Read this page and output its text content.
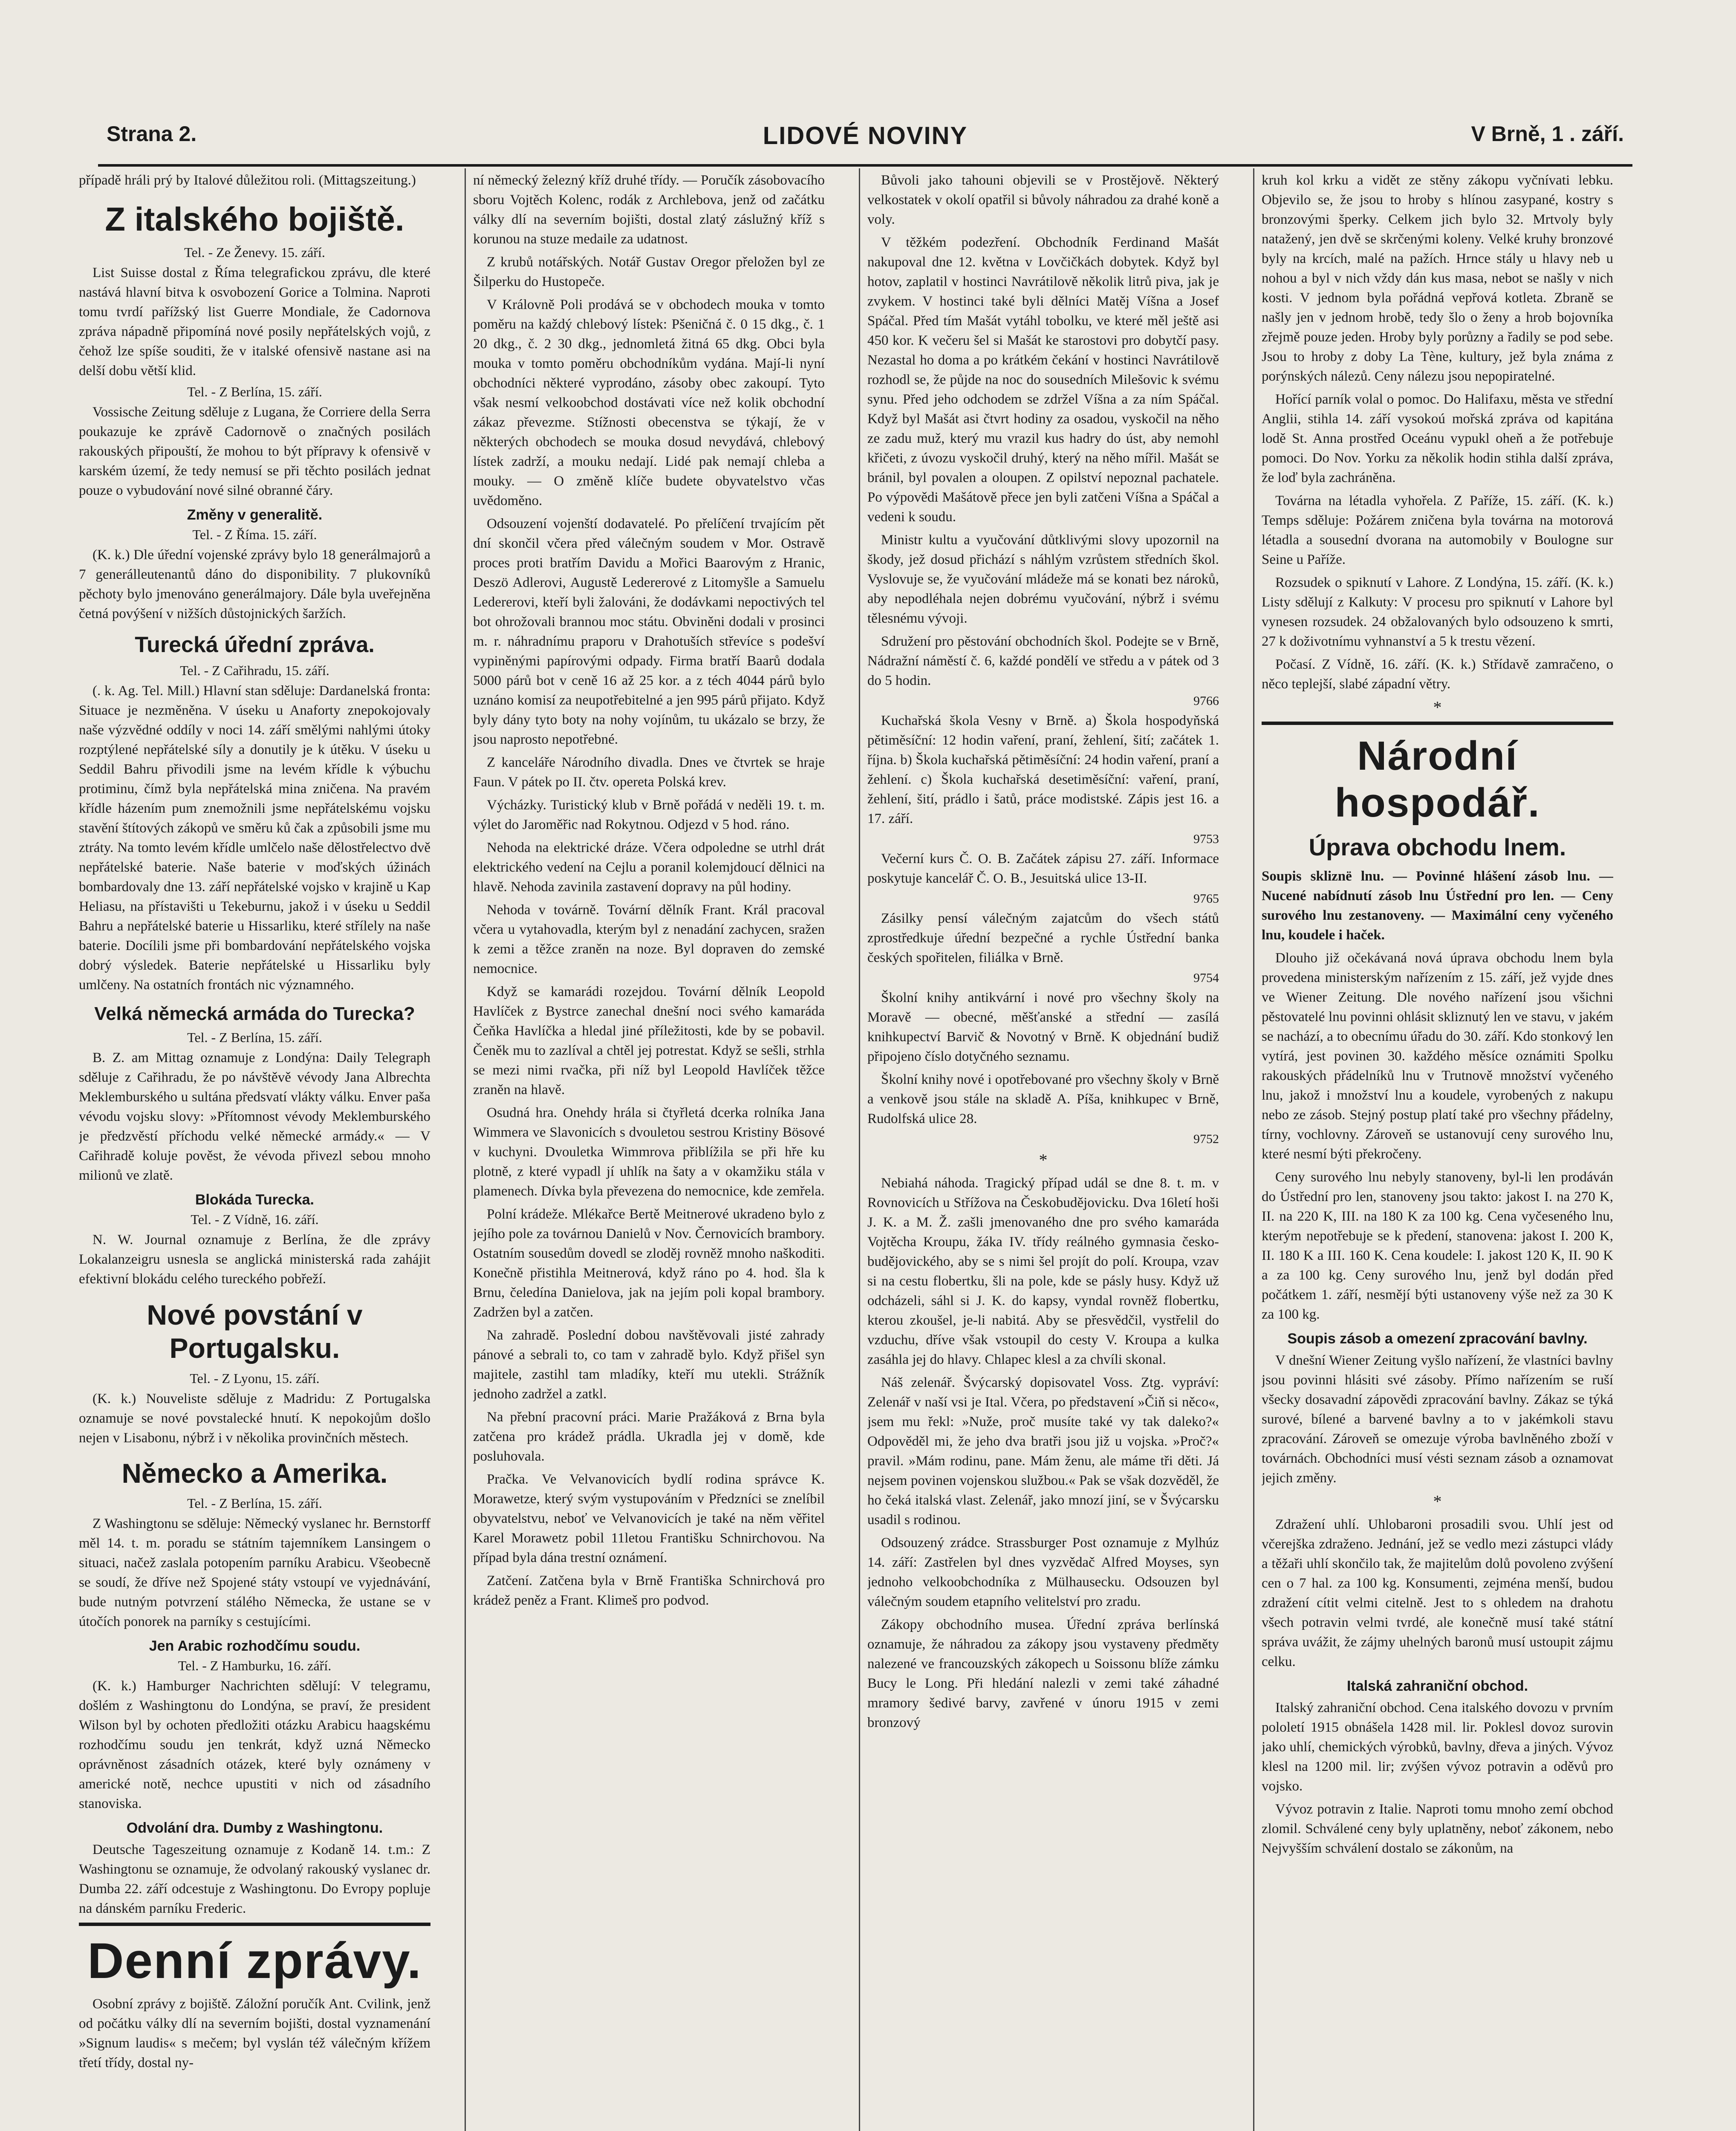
Strana 2.	LIDOVÉ NOVINY	V Brně, 1 . září.

případě hráli prý by Italové důležitou roli. (Mittagszeitung.)

Z italského bojiště.
Tel. - Ze Ženevy. 15. září.

List Suisse dostal z Říma telegrafickou zprávu, dle které nastává hlavní bitva k osvobození Gorice a Tolmina. Naproti tomu tvrdí pařížský list Guerre Mondiale, že Cadornova zpráva nápadně připomíná nové posily nepřátelských vojů, z čehož lze spíše souditi, že v italské ofensivě nastane asi na delší dobu větší klid.

Tel. - Z Berlína, 15. září.

Vossische Zeitung sděluje z Lugana, že Corriere della Serra poukazuje ke zprávě Cadornově o značných posilách rakouských připouští, že mohou to být přípravy k ofensivě v karském území, že tedy nemusí se při těchto posilách jednat pouze o vybudování nové silné obranné čáry.

Změny v generalitě.
Tel. - Z Říma. 15. září.

(K. k.) Dle úřední vojenské zprávy bylo 18 generálmajorů a 7 generálleutenantů dáno do disponibility. 7 plukovníků pěchoty bylo jmenováno generálmajory. Dále byla uveřejněna četná povýšení v nižších důstojnických šaržích.

Turecká úřední zpráva.
Tel. - Z Cařihradu, 15. září.

(. k. Ag. Tel. Mill.) Hlavní stan sděluje: Dardanelská fronta: Situace je nezměněna. V úseku u Anaforty znepokojovaly naše výzvědné oddíly v noci 14. září smělými nahlými útoky rozptýlené nepřátelské síly a donutily je k útěku. V úseku u Seddil Bahru přivodili jsme na levém křídle k výbuchu protiminu, čímž byla nepřátelská mina zničena. Na pravém křídle házením pum znemožnili jsme nepřátelskému vojsku stavění štítových zákopů ve směru ků čak a způsobili jsme mu ztráty. Na tomto levém křídle umlčelo naše dělostřelectvo dvě nepřátelské baterie. Naše baterie v moďských úžinách bombardovaly dne 13. září nepřátelské vojsko v krajině u Kap Heliasu, na přístavišti u Tekeburnu, jakož i v úseku u Seddil Bahru a nepřátelské baterie u Hissarliku, které střílely na naše baterie. Docílili jsme při bombardování nepřátelského vojska dobrý výsledek. Baterie nepřátelské u Hissarliku byly umlčeny. Na ostatních frontách nic významného.

Velká německá armáda do Turecka?
Tel. - Z Berlína, 15. září.

B. Z. am Mittag oznamuje z Londýna: Daily Telegraph sděluje z Cařihradu, že po návštěvě vévody Jana Albrechta Meklemburského u sultána předsvatí vlákty válku. Enver paša vévodu vojsku slovy: »Přítomnost vévody Meklemburského je předzvěstí příchodu velké německé armády.« — V Cařihradě koluje pověst, že vévoda přivezl sebou mnoho milionů ve zlatě.

Blokáda Turecka.
Tel. - Z Vídně, 16. září.

N. W. Journal oznamuje z Berlína, že dle zprávy Lokalanzeigru usnesla se anglická ministerská rada zahájit efektivní blokádu celého tureckého pobřeží.

Nové povstání v Portugalsku.
Tel. - Z Lyonu, 15. září.

(K. k.) Nouveliste sděluje z Madridu: Z Portugalska oznamuje se nové povstalecké hnutí. K nepokojům došlo nejen v Lisabonu, nýbrž i v několika provinčních městech.

Německo a Amerika.
Tel. - Z Berlína, 15. září.

Z Washingtonu se sděluje: Německý vyslanec hr. Bernstorff měl 14. t. m. poradu se státním tajemníkem Lansingem o situaci, načež zaslala potopením parníku Arabicu. Všeobecně se soudí, že dříve než Spojené státy vstoupí ve vyjednávání, bude nutným potvrzení stálého Německa, že ustane se v útočích ponorek na parníky s cestujícími.

Jen Arabic rozhodčímu soudu.
Tel. - Z Hamburku, 16. září.

(K. k.) Hamburger Nachrichten sdělují: V telegramu, došlém z Washingtonu do Londýna, se praví, že president Wilson byl by ochoten předložiti otázku Arabicu haagskému rozhodčímu soudu jen tenkrát, když uzná Německo oprávněnost zásadních otázek, které byly oznámeny v americké notě, nechce upustiti v nich od zásadního stanoviska.

Odvolání dra. Dumby z Washingtonu.

Deutsche Tageszeitung oznamuje z Kodaně 14. t.m.: Z Washingtonu se oznamuje, že odvolaný rakouský vyslanec dr. Dumba 22. září odcestuje z Washingtonu. Do Evropy popluje na dánském parníku Frederic.

Denní zprávy.

Osobní zprávy z bojiště. Záložní poručík Ant. Cvilink, jenž od počátku války dlí na severním bojišti, dostal vyznamenání »Signum laudis« s mečem; byl vyslán též válečným křížem třetí třídy, dostal ny-

ní německý železný kříž druhé třídy. — Poručík zásobovacího sboru Vojtěch Kolenc, rodák z Archlebova, jenž od začátku války dlí na severním bojišti, dostal zlatý záslužný kříž s korunou na stuze medaile za udatnost.

Z krubů notářských. Notář Gustav Oregor přeložen byl ze Šilperku do Hustopeče.

V Královně Poli prodává se v obchodech mouka v tomto poměru na každý chlebový lístek: Pšeničná č. 0 15 dkg., č. 1 20 dkg., č. 2 30 dkg., jednomletá žitná 65 dkg. Obci byla mouka v tomto poměru obchodníkům vydána. Mají-li nyní obchodníci některé vyprodáno, zásoby obec zakoupí. Tyto však nesmí velkoobchod dostávati více než kolik obchodní zákaz převezme. Stížnosti obecenstva se týkají, že v některých obchodech se mouka dosud nevydává, chlebový lístek zadrží, a mouku nedají. Lidé pak nemají chleba a mouky. — O změně klíče budete obyvatelstvo včas uvědoměno.

Odsouzení vojenští dodavatelé. Po přelíčení trvajícím pět dní skončil včera před válečným soudem v Mor. Ostravě proces proti bratřím Davidu a Mořici Baarovým z Hranic, Deszö Adlerovi, Augustě Ledererové z Litomyšle a Samuelu Ledererovi, kteří byli žalováni, že dodávkami nepoctivých tel bot ohrožovali brannou moc státu. Obviněni dodali v prosinci m. r. náhradnímu praporu v Drahotuších střevíce s podešví vypiněnými papírovými odpady. Firma bratří Baarů dodala 5000 párů bot v ceně 16 až 25 kor. a z téch 4044 párů bylo uznáno komisí za neupotřebitelné a jen 995 párů přijato. Když byly dány tyto boty na nohy vojínům, tu ukázalo se brzy, že jsou naprosto nepotřebné.

Z kanceláře Národního divadla. Dnes ve čtvrtek se hraje Faun. V pátek po II. čtv. opereta Polská krev.

Výcházky. Turistický klub v Brně pořádá v neděli 19. t. m. výlet do Jaroměřic nad Rokytnou. Odjezd v 5 hod. ráno.

Nehoda na elektrické dráze. Včera odpoledne se utrhl drát elektrického vedení na Cejlu a poranil kolemjdoucí dělnici na hlavě. Nehoda zavinila zastavení dopravy na půl hodiny.

Nehoda v továrně. Tovární dělník Frant. Král pracoval včera u vytahovadla, kterým byl z nenadání zachycen, sražen k zemi a těžce zraněn na noze. Byl dopraven do zemské nemocnice.

Když se kamarádi rozejdou. Tovární dělník Leopold Havlíček z Bystrce zanechal dnešní noci svého kamaráda Čeňka Havlíčka a hledal jiné příležitosti, kde by se pobavil. Čeněk mu to zazlíval a chtěl jej potrestat. Když se sešli, strhla se mezi nimi rvačka, při níž byl Leopold Havlíček těžce zraněn na hlavě.

Osudná hra. Onehdy hrála si čtyřletá dcerka rolníka Jana Wimmera ve Slavonicích s dvouletou sestrou Kristiny Bösové v kuchyni. Dvouletka Wimmrova přiblížila se při hře ku plotně, z které vypadl jí uhlík na šaty a v okamžiku stála v plamenech. Dívka byla převezena do nemocnice, kde zemřela.

Polní krádeže. Mlékařce Bertě Meitnerové ukradeno bylo z jejího pole za továrnou Danielů v Nov. Černovicích brambory. Ostatním sousedům dovedl se zloděj rovněž mnoho naškoditi. Konečně přistihla Meitnerová, když ráno po 4. hod. šla k Brnu, čeledína Danielova, jak na jejím poli kopal brambory. Zadržen byl a zatčen.

Na zahradě. Poslední dobou navštěvovali jisté zahrady pánové a sebrali to, co tam v zahradě bylo. Když přišel syn majitele, zastihl tam mladíky, kteří mu utekli. Strážník jednoho zadržel a zatkl.

Na přební pracovní práci. Marie Pražáková z Brna byla zatčena pro krádež prádla. Ukradla jej v domě, kde posluhovala.

Pračka. Ve Velvanovicích bydlí rodina správce K. Morawetze, který svým vystupováním v Předzníci se znelíbil obyvatelstvu, neboť ve Velvanovicích je také na něm věřitel Karel Morawetz pobil 11letou Františku Schnirchovou. Na případ byla dána trestní oznámení.

Zatčení. Zatčena byla v Brně Františka Schnirchová pro krádež peněz a Frant. Klimeš pro podvod.

Bůvoli jako tahouni objevili se v Prostějově. Některý velkostatek v okolí opatřil si bůvoly náhradou za drahé koně a voly.

V těžkém podezření. Obchodník Ferdinand Mašát nakupoval dne 12. května v Lovčičkách dobytek. Když byl hotov, zaplatil v hostinci Navrátilově několik litrů piva, jak je zvykem. V hostinci také byli dělníci Matěj Víšna a Josef Spáčal. Před tím Mašát vytáhl tobolku, ve které měl ještě asi 450 kor. K večeru šel si Mašát ke starostovi pro dobytčí pasy. Nezastal ho doma a po krátkém čekání v hostinci Navrátilově rozhodl se, že půjde na noc do sousedních Milešovic k svému synu. Před jeho odchodem se zdržel Víšna a za ním Spáčal. Když byl Mašát asi čtvrt hodiny za osadou, vyskočil na něho ze zadu muž, který mu vrazil kus hadry do úst, aby nemohl křičeti, z úvozu vyskočil druhý, který na něho mířil. Mašát se bránil, byl povalen a oloupen. Z opilství nepoznal pachatele. Po výpovědi Mašátově přece jen byli zatčeni Víšna a Spáčal a vedeni k soudu.

Ministr kultu a vyučování důtklivými slovy upozornil na škody, jež dosud přichází s náhlým vzrůstem středních škol. Vyslovuje se, že vyučování mládeže má se konati bez nároků, aby nepodléhala nejen dobrému vyučování, nýbrž i svému tělesnému vývoji.

Sdružení pro pěstování obchodních škol. Podejte se v Brně, Nádražní náměstí č. 6, každé pondělí ve středu a v pátek od 3 do 5 hodin.

9766

Kuchařská škola Vesny v Brně. a) Škola hospodyňská pětiměsíční: 12 hodin vaření, praní, žehlení, šití; začátek 1. října. b) Škola kuchařská pětiměsíční: 24 hodin vaření, praní a žehlení. c) Škola kuchařská desetiměsíční: vaření, praní, žehlení, šití, prádlo i šatů, práce modistské. Zápis jest 16. a 17. září.

9753

Večerní kurs Č. O. B. Začátek zápisu 27. září. Informace poskytuje kancelář Č. O. B., Jesuitská ulice 13-II.

9765

Zásilky pensí válečným zajatcům do všech států zprostředkuje úřední bezpečné a rychle Ústřední banka českých spořitelen, filiálka v Brně.

9754

Školní knihy antikvární i nové pro všechny školy na Moravě — obecné, měšťanské a střední — zasílá knihkupectví Barvič & Novotný v Brně. K objednání budiž připojeno číslo dotyčného seznamu.

Školní knihy nové i opotřebované pro všechny školy v Brně a venkově jsou stále na skladě A. Píša, knihkupec v Brně, Rudolfská ulice 28.

9752
*

Nebiahá náhoda. Tragický případ udál se dne 8. t. m. v Rovnovicích u Střížova na Českobudějovicku. Dva 16letí hoši J. K. a M. Ž. zašli jmenovaného dne pro svého kamaráda Vojtěcha Kroupu, žáka IV. třídy reálného gymnasia česko-budějovického, aby se s nimi šel projít do polí. Kroupa, vzav si na cestu flobertku, šli na pole, kde se pásly husy. Když už odcházeli, sáhl si J. K. do kapsy, vyndal rovněž flobertku, kterou zkoušel, je-li nabitá. Aby se přesvědčil, vystřelil do vzduchu, dříve však vstoupil do cesty V. Kroupa a kulka zasáhla jej do hlavy. Chlapec klesl a za chvíli skonal.

Náš zelenář. Švýcarský dopisovatel Voss. Ztg. vypráví: Zelenář v naší vsi je Ital. Včera, po představení »Čiň si něco«, jsem mu řekl: »Nuže, proč musíte také vy tak daleko?« Odpověděl mi, že jeho dva bratři jsou již u vojska. »Proč?« pravil. »Mám rodinu, pane. Mám ženu, ale máme tři děti. Já nejsem povinen vojenskou službou.« Pak se však dozvěděl, že ho čeká italská vlast. Zelenář, jako mnozí jiní, se v Švýcarsku usadil s rodinou.

Odsouzený zrádce. Strassburger Post oznamuje z Mylhúz 14. září: Zastřelen byl dnes vyzvědač Alfred Moyses, syn jednoho velkoobchodníka z Mülhausecku. Odsouzen byl válečným soudem etapního velitelství pro zradu.

Zákopy obchodního musea. Úřední zpráva berlínská oznamuje, že náhradou za zákopy jsou vystaveny předměty nalezené ve francouzských zákopech u Soissonu blíže zámku Bucy le Long. Při hledání nalezli v zemi také záhadné mramory šedivé barvy, zavřené v únoru 1915 v zemi bronzový

kruh kol krku a vidět ze stěny zákopu vyčnívati lebku. Objevilo se, že jsou to hroby s hlínou zasypané, kostry s bronzovými šperky. Celkem jich bylo 32. Mrtvoly byly natažený, jen dvě se skrčenými koleny. Velké kruhy bronzové byly na krcích, malé na pažích. Hrnce stály u hlavy neb u nohou a byl v nich vždy dán kus masa, nebot se našly v nich kosti. V jednom byla pořádná vepřová kotleta. Zbraně se našly jen v jednom hrobě, tedy šlo o ženy a hrob bojovníka zřejmě pouze jeden. Hroby byly porůzny a řadily se pod sebe. Jsou to hroby z doby La Tène, kultury, jež byla známa z porýnských nálezů. Ceny nálezu jsou nepopiratelné.

Hořící parník volal o pomoc. Do Halifaxu, města ve střední Anglii, stihla 14. září vysokoú mořská zpráva od kapitána lodě St. Anna prostřed Oceánu vypukl oheň a že potřebuje pomoci. Do Nov. Yorku za několik hodin stihla další zpráva, že loď byla zachráněna.

Továrna na létadla vyhořela. Z Paříže, 15. září. (K. k.) Temps sděluje: Požárem zničena byla továrna na motorová létadla a sousední dvorana na automobily v Boulogne sur Seine u Paříže.

Rozsudek o spiknutí v Lahore. Z Londýna, 15. září. (K. k.) Listy sdělují z Kalkuty: V procesu pro spiknutí v Lahore byl vynesen rozsudek. 24 obžalovaných bylo odsouzeno k smrti, 27 k doživotnímu vyhnanství a 5 k trestu vězení.

Počasí. Z Vídně, 16. září. (K. k.) Střídavě zamračeno, o něco teplejší, slabé západní větry.

*
Národní hospodář.
Úprava obchodu lnem.

Soupis skliznë lnu. — Povinné hlášení zásob lnu. — Nucené nabídnutí zásob lnu Ústřední pro len. — Ceny surového lnu zestanoveny. — Maximální ceny vyčeného lnu, koudele i haček.

Dlouho již očekávaná nová úprava obchodu lnem byla provedena ministerským nařízením z 15. září, jež vyjde dnes ve Wiener Zeitung. Dle nového nařízení jsou všichni pěstovatelé lnu povinni ohlásit skliznutý len ve stavu, v jakém se nachází, a to obecnímu úřadu do 30. září. Kdo stonkový len vytírá, jest povinen 30. každého měsíce oznámiti Spolku rakouských přádelníků lnu v Trutnově množství vyčeného lnu, jakož i množství lnu a koudele, vyrobených z nakupu nebo ze zásob. Stejný postup platí také pro všechny přádelny, tírny, vochlovny. Zároveň se ustanovují ceny surového lnu, které nesmí býti překročeny.

Ceny surového lnu nebyly stanoveny, byl-li len prodáván do Ústřední pro len, stanoveny jsou takto: jakost I. na 270 K, II. na 220 K, III. na 180 K za 100 kg. Cena vyčeseného lnu, kterým nepotřebuje se k předení, stanovena: jakost I. 200 K, II. 180 K a III. 160 K. Cena koudele: I. jakost 120 K, II. 90 K a za 100 kg. Ceny surového lnu, jenž byl dodán před počátkem 1. září, nesmějí býti ustanoveny výše než za 30 K za 100 kg.

Soupis zásob a omezení zpracování bavlny.

V dnešní Wiener Zeitung vyšlo nařízení, že vlastníci bavlny jsou povinni hlásiti své zásoby. Přímo nařízením se ruší všecky dosavadní zápovědi zpracování bavlny. Zákaz se týká surové, bílené a barvené bavlny a to v jakémkoli stavu zpracování. Zároveň se omezuje výroba bavlněného zboží v továrnách. Obchodníci musí vésti seznam zásob a oznamovat jejich změny.

*

Zdražení uhlí. Uhlobaroni prosadili svou. Uhlí jest od včerejška zdraženo. Jednání, jež se vedlo mezi zástupci vlády a těžaři uhlí skončilo tak, že majitelům dolů povoleno zvýšení cen o 7 hal. za 100 kg. Konsumenti, zejména menší, budou zdražení cítit velmi citelně. Jest to s ohledem na drahotu všech potravin velmi tvrdé, ale konečně musí také státní správa uvážit, že zájmy uhelných baronů musí ustoupit zájmu celku.

Italská zahraniční obchod.

Italský zahraniční obchod. Cena italského dovozu v prvním pololetí 1915 obnášela 1428 mil. lir. Poklesl dovoz surovin jako uhlí, chemických výrobků, bavlny, dřeva a jiných. Vývoz klesl na 1200 mil. lir; zvýšen vývoz potravin a oděvů pro vojsko.

Vývoz potravin z Italie. Naproti tomu mnoho zemí obchod zlomil. Schválené ceny byly uplatněny, neboť zákonem, nebo Nejvyšším schválení dostalo se zákonům, na
